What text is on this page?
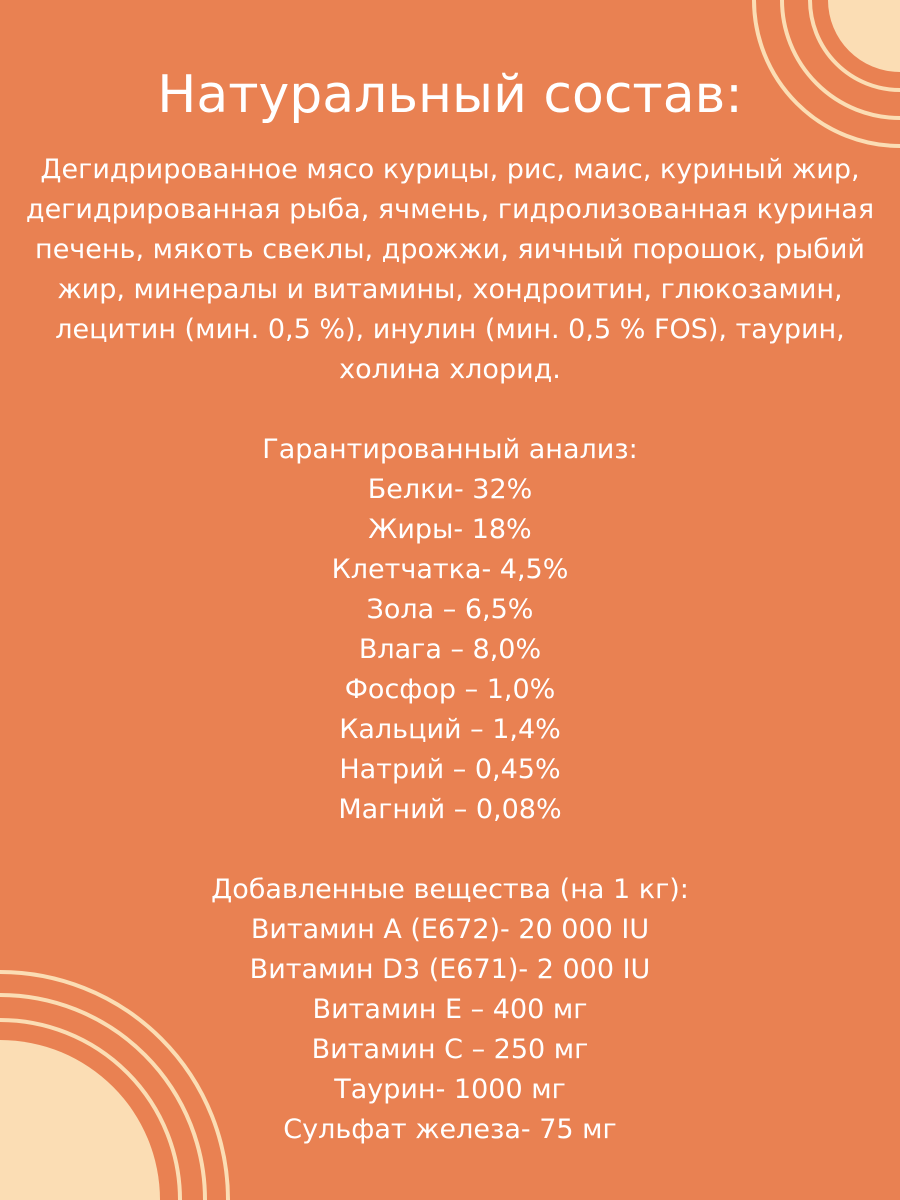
Натуральный состав:

Дегидрированное мясо курицы, рис, маис, куриный жир, дегидрированная рыба, ячмень, гидролизованная куриная печень, мякоть свеклы, дрожжи, яичный порошок, рыбий жир, минералы и витамины, хондроитин, глюкозамин, лецитин (мин. 0,5 %), инулин (мин. 0,5 % FOS), таурин, холина хлорид.

Гарантированный анализ:
Белки- 32%
Жиры- 18%
Клетчатка- 4,5%
Зола – 6,5%
Влага – 8,0%
Фосфор – 1,0%
Кальций – 1,4%
Натрий – 0,45%
Магний – 0,08%
Добавленные вещества (на 1 кг):
Витамин А (Е672)- 20 000 IU
Витамин D3 (Е671)- 2 000 IU
Витамин Е – 400 мг
Витамин С – 250 мг
Таурин- 1000 мг
Сульфат железа- 75 мг
